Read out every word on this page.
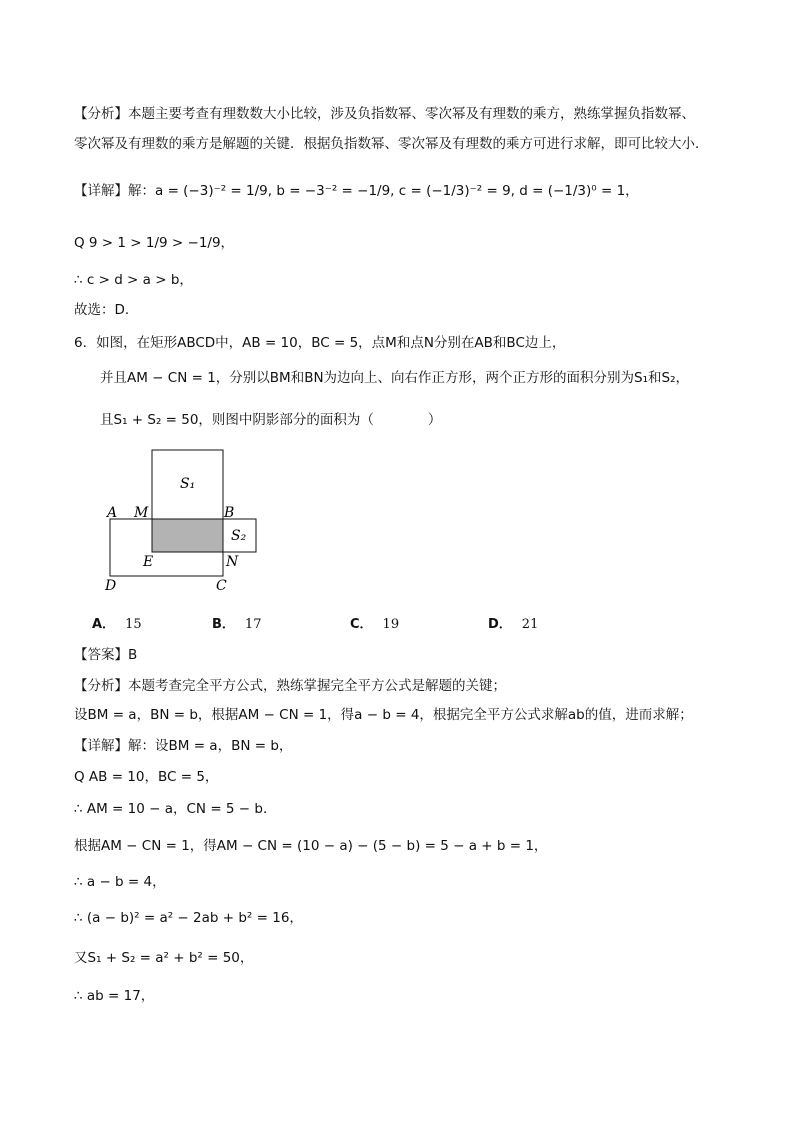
【分析】本题主要考查有理数数大小比较，涉及负指数幂、零次幂及有理数的乘方，熟练掌握负指数幂、
零次幂及有理数的乘方是解题的关键．根据负指数幂、零次幂及有理数的乘方可进行求解，即可比较大小．
【详解】解：a = (−3)⁻² = 1/9, b = −3⁻² = −1/9, c = (−1/3)⁻² = 9, d = (−1/3)⁰ = 1，
Q 9 > 1 > 1/9 > −1/9，
∴ c > d > a > b，
故选：D．
6．如图，在矩形ABCD中，AB = 10，BC = 5，点M和点N分别在AB和BC边上，
并且AM − CN = 1，分别以BM和BN为边向上、向右作正方形，两个正方形的面积分别为S₁和S₂，
且S₁ + S₂ = 50，则图中阴影部分的面积为（　　　　）
A M	B
S₁
S₂
E	N
D	C
A． 15	B． 17	C． 19	D． 21
【答案】B
【分析】本题考查完全平方公式，熟练掌握完全平方公式是解题的关键；
设BM = a，BN = b，根据AM − CN = 1，得a − b = 4，根据完全平方公式求解ab的值，进而求解；
【详解】解：设BM = a，BN = b，
Q AB = 10，BC = 5，
∴ AM = 10 − a，CN = 5 − b．
根据AM − CN = 1，得AM − CN = (10 − a) − (5 − b) = 5 − a + b = 1，
∴ a − b = 4，
∴ (a − b)² = a² − 2ab + b² = 16，
又S₁ + S₂ = a² + b² = 50，
∴ ab = 17，
